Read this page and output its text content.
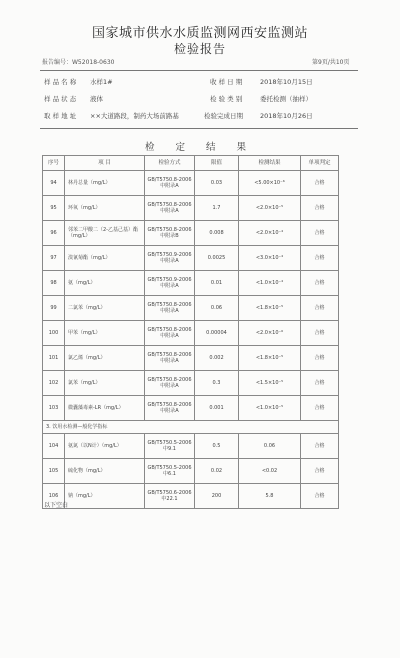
国家城市供水水质监测网西安监测站
检验报告
报告编号：W52018-0630	第9页/共10页
样 品 名 称 水样1#	收 样 日 期	2018年10月15日
样 品 状 态 液体	检 验 类 别	委托检测（抽样）
取 样 地 址 ××大道路段，制药大场前路基	检验完成日期	2018年10月26日
检 定 结 果
序号	项 目	检验方式	限值	检测结果	单项判定
94	林丹总量（mg/L）	GB/T5750.8-2006 中附录A	0.03	<5.00×10⁻⁶	合格
95	环氧（mg/L）	GB/T5750.8-2006 中附录A	1.7	<2.0×10⁻⁵	合格
96	邻苯二甲酸二（2-乙基己基）酯（mg/L）	GB/T5750.8-2006 中附录B	0.008	<2.0×10⁻⁴	合格
97	溴氰菊酯（mg/L）	GB/T5750.9-2006 中附录A	0.0025	<3.0×10⁻⁴	合格
98	氨（mg/L）	GB/T5750.9-2006 中附录A	0.01	<1.0×10⁻⁴	合格
99	二氯苯（mg/L）	GB/T5750.8-2006 中附录A	0.06	<1.8×10⁻⁵	合格
100	甲苯（mg/L）	GB/T5750.8-2006 中附录A	0.00004	<2.0×10⁻⁶	合格
101	氯乙烯（mg/L）	GB/T5750.8-2006 中附录A	0.002	<1.8×10⁻⁵	合格
102	氯苯（mg/L）	GB/T5750.8-2006 中附录A	0.3	<1.5×10⁻⁵	合格
103	微囊藻毒素-LR（mg/L）	GB/T5750.8-2006 中附录A	0.001	<1.0×10⁻⁵	合格
3. 饮用水检测—般化学指标					
104	氨氮（以N计）（mg/L）	GB/T5750.5-2006 中9.1	0.5	0.06	合格
105	硫化物（mg/L）	GB/T5750.5-2006 中6.1	0.02	<0.02	合格
106	钠（mg/L）	GB/T5750.6-2006 中22.1	200	5.8	合格
以下空白
